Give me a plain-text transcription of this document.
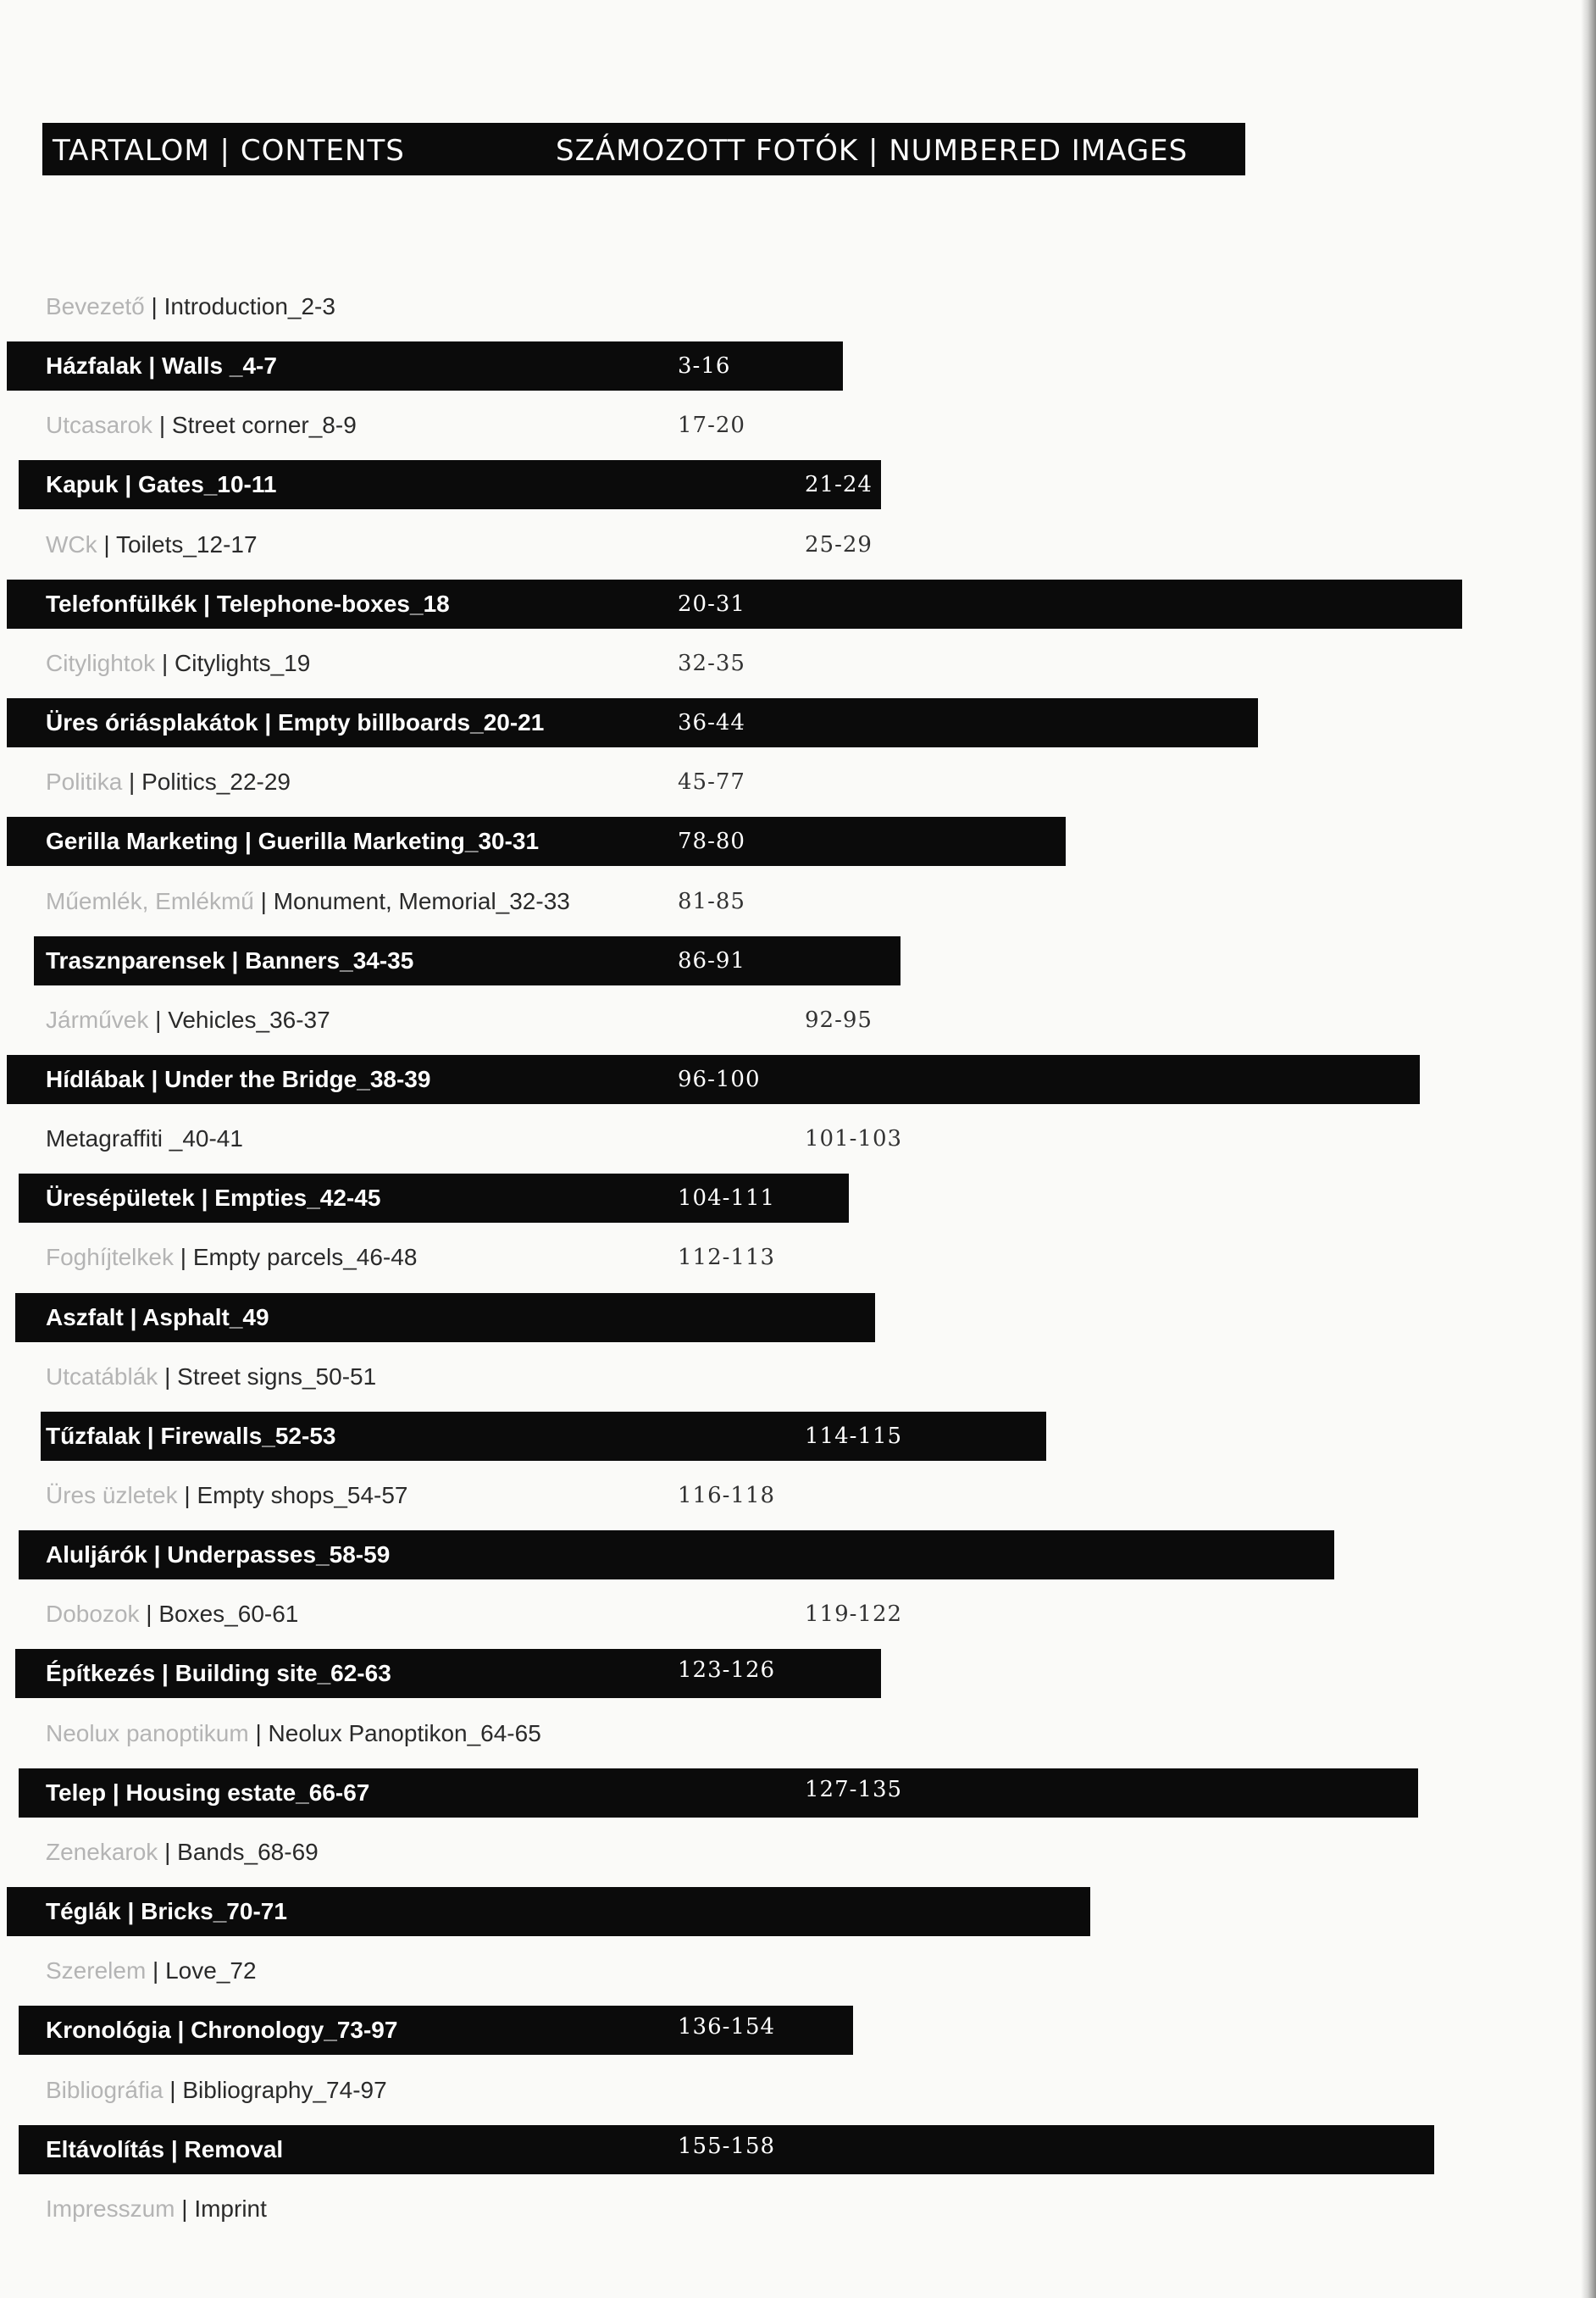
TARTALOM | CONTENTS	SZÁMOZOTT FOTÓK | NUMBERED IMAGES
Bevezető | Introduction_2-3
Házfalak | Walls _4-7	3-16
Utcasarok | Street corner_8-9	17-20
Kapuk | Gates_10-11	21-24
WCk | Toilets_12-17	25-29
Telefonfülkék | Telephone-boxes_18	20-31
Citylightok | Citylights_19	32-35
Üres óriásplakátok | Empty billboards_20-21	36-44
Politika | Politics_22-29	45-77
Gerilla Marketing | Guerilla Marketing_30-31	78-80
Műemlék, Emlékmű | Monument, Memorial_32-33	81-85
Trasznparensek | Banners_34-35	86-91
Járművek | Vehicles_36-37	92-95
Hídlábak | Under the Bridge_38-39	96-100
Metagraffiti _40-41	101-103
Üresépületek | Empties_42-45	104-111
Foghíjtelkek | Empty parcels_46-48	112-113
Aszfalt | Asphalt_49
Utcatáblák | Street signs_50-51
Tűzfalak | Firewalls_52-53	114-115
Üres üzletek | Empty shops_54-57	116-118
Aluljárók | Underpasses_58-59
Dobozok | Boxes_60-61	119-122
Építkezés | Building site_62-63	123-126
Neolux panoptikum | Neolux Panoptikon_64-65
Telep | Housing estate_66-67	127-135
Zenekarok | Bands_68-69
Téglák | Bricks_70-71
Szerelem | Love_72
Kronológia | Chronology_73-97	136-154
Bibliográfia | Bibliography_74-97
Eltávolítás | Removal	155-158
Impresszum | Imprint
